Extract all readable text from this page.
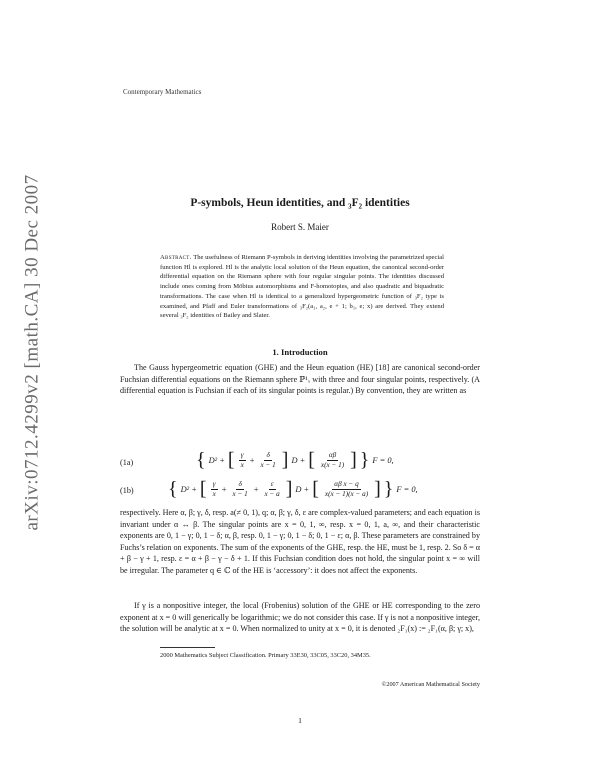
arXiv:0712.4299v2 [math.CA] 30 Dec 2007
Contemporary Mathematics
P-symbols, Heun identities, and ₃F₂ identities
Robert S. Maier
Abstract. The usefulness of Riemann P-symbols in deriving identities involving the parametrized special function Hl is explored. Hl is the analytic local solution of the Heun equation, the canonical second-order differential equation on the Riemann sphere with four regular singular points. The identities discussed include ones coming from Möbius automorphisms and F-homotopies, and also quadratic and biquadratic transformations. The case when Hl is identical to a generalized hypergeometric function of ₃F₂ type is examined, and Pfaff and Euler transformations of ₃F₂(a₁, a₂, e + 1; b₁, e; x) are derived. They extend several ₃F₂ identities of Bailey and Slater.
1. Introduction

The Gauss hypergeometric equation (GHE) and the Heun equation (HE) [18] are canonical second-order Fuchsian differential equations on the Riemann sphere ℙ¹ₓ with three and four singular points, respectively. (A differential equation is Fuchsian if each of its singular points is regular.) By convention, they are written as

(1a)	{ D² + [ $\frac{\gamma}{x} + \frac{\delta}{x - 1}$ ] D + [ $\frac{\alpha\beta}{x(x - 1)}$ ] } F = 0,
(1b) { D² + [ $\frac{\gamma}{x} + \frac{\delta}{x - 1} + \frac{\varepsilon}{x - a}$ ] D + [ $\frac{\text{αβ x − q}}{x(x - 1)(x - a)}$ ] } F = 0,

respectively. Here α, β; γ, δ, resp. a(≠ 0, 1), q; α, β; γ, δ, ε are complex-valued parameters; and each equation is invariant under α ↔ β. The singular points are x = 0, 1, ∞, resp. x = 0, 1, a, ∞, and their characteristic exponents are 0, 1 − γ; 0, 1 − δ; α, β, resp. 0, 1 − γ; 0, 1 − δ; 0, 1 − ε; α, β. These parameters are constrained by Fuchs’s relation on exponents. The sum of the exponents of the GHE, resp. the HE, must be 1, resp. 2. So δ = α + β − γ + 1, resp. ε = α + β − γ − δ + 1. If this Fuchsian condition does not hold, the singular point x = ∞ will be irregular. The parameter q ∈ ℂ of the HE is ‘accessory’: it does not affect the exponents.

If γ is a nonpositive integer, the local (Frobenius) solution of the GHE or HE corresponding to the zero exponent at x = 0 will generically be logarithmic; we do not consider this case. If γ is not a nonpositive integer, the solution will be analytic at x = 0. When normalized to unity at x = 0, it is denoted ₂F₁(x) := ₂F₁(α, β; γ; x),

2000 Mathematics Subject Classification. Primary 33E30, 33C05, 33C20, 34M35.
©2007 American Mathematical Society
1
